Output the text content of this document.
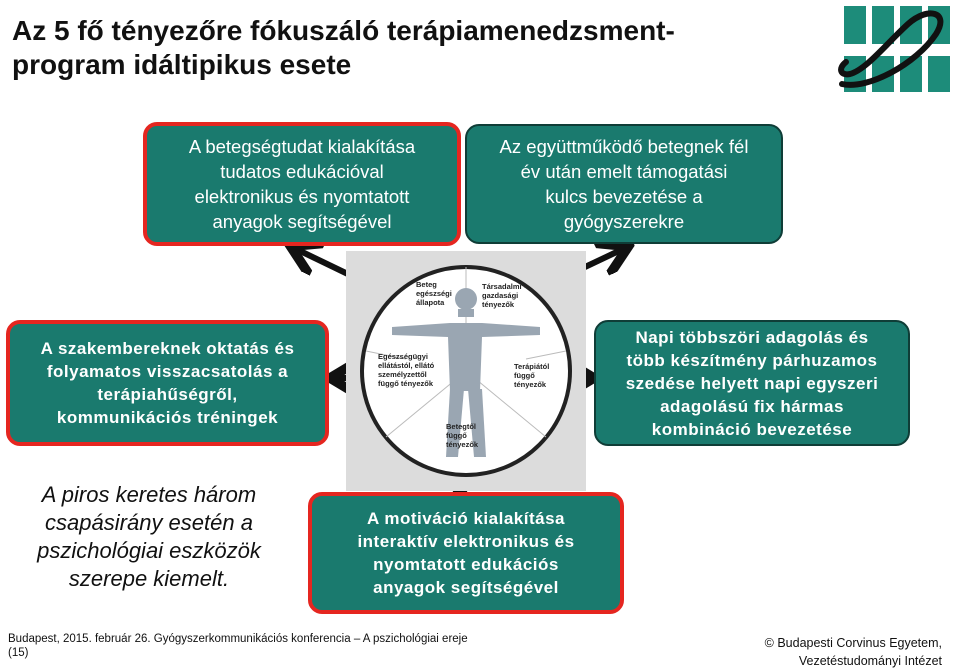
Az 5 fő tényezőre fókuszáló terápiamenedzsment-
program idáltipikus esete
Beteg egészségi állapota
Társadalmi -gazdasági tényezők
Egészségügyi ellátástól, ellátó személyzettől függő tényezők
Terápiától függő tényezők
Betegtől függő tényezők
A betegségtudat kialakítása
tudatos edukációval
elektronikus és nyomtatott
anyagok segítségével
Az együttműködő betegnek fél
év után emelt támogatási
kulcs bevezetése a
gyógyszerekre
A szakembereknek oktatás és
folyamatos visszacsatolás a
terápiahűségről,
kommunikációs tréningek
Napi többszöri adagolás és
több készítmény párhuzamos
szedése helyett napi egyszeri
adagolású fix hármas
kombináció bevezetése
A motiváció kialakítása
interaktív elektronikus és
nyomtatott edukációs
anyagok segítségével
A piros keretes három
csapásirány esetén a
pszichológiai eszközök
szerepe kiemelt.
Budapest, 2015. február 26. Gyógyszerkommunikációs konferencia – A pszichológiai ereje
(15)
© Budapesti Corvinus Egyetem,
Vezetéstudományi Intézet
